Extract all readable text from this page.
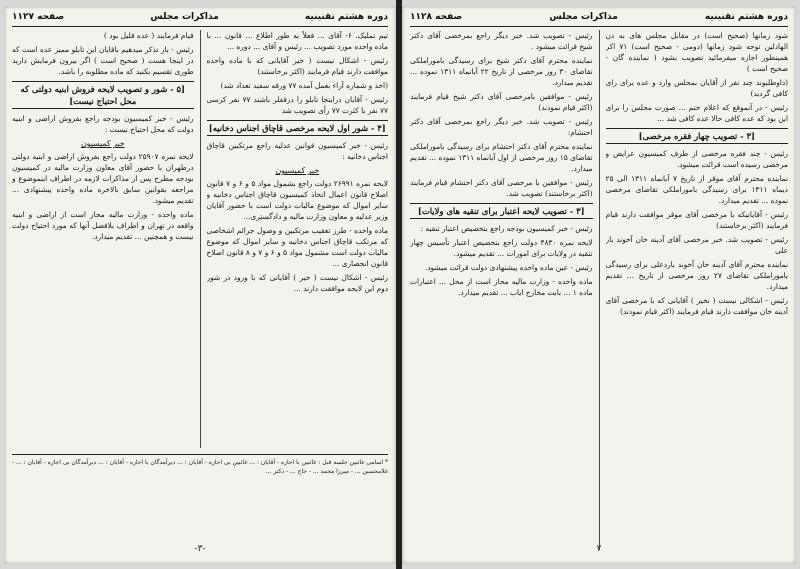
دوره هشتم تقنینیه
مذاکرات مجلس
صفحه ۱۱۲۷

تیم تملیک. ۶- آقای ... فعلاً به طور اطلاع ... قانون ... با ماده واحده مورد تصویب ... رئیس و آقای ... دوره ...

رئیس - اشکال نیست ( خیر آقایانی که با ماده واحده موافقت دارند قیام فرمایند (اکثر برخاستند)

(اخذ و شماره آراء بعمل آمده ۷۷ ورقه سفید تعداد شد)

رئیس - آقایان دراینجا تابلو را درقفلر باشند ۷۷ نفر کرسی ۷۷ نفر با کثرت ۷۷ رأی تصویب شد

[۴ - شور اول لایحه مرخصی قاچاق اجناس دخانیه]

رئیس - خبر کمیسیون قوانین عدلیه راجع مرتکبین قاچاق اجناس دخانیه :

خبر کمیسیون

لایحه نمره ۲۶۹۹۱ دولت راجع بشمول مواد ۵ و ۶ و ۷ قانون اصلاح قانون اعمال اتخاذ کمیسیون قاچاق اجناس دخانیه و سایر اموال که موضوع مالیات دولت است با حضور آقایان وزیر عدلیه و معاون وزارت مالیه و دادگستری...

ماده واحده - طرز تعقیب مرتکبین و وصول جرائم اشخاصی که مرتکب قاچاق اجناس دخانیه و سایر اموال که موضوع مالیات دولت است مشمول مواد ۵ و ۶ و ۷ و ۸ قانون اصلاح قانون انحصاری ...

رئیس - اشکال نیست ( خیر ) آقایانی که با ورود در شور دوم این لایحه موافقت دارند ...

قیام فرمایند ( عده قلیل بود )

رئیس - باز تذکر میدهیم باقایان این تابلو ممیز عده است که در اینجا هست ( صحیح است ) اگر بیرون فرمایش دارید طوری تقسیم بکنید که ماده مطلوبه را باشد.

[۵ - شور و تصویب لایحه فروش ابنیه دولتی که محل احتیاج نیست]

رئیس - خبر کمیسیون بودجه راجع بفروش اراضی و ابنیه دولت که محل احتیاج نیست :

خبر کمیسیون

لایحه نمره ۲۵۹۰۷ دولت راجع بفروش اراضی و ابنیه دولتی درطهران با حضور آقای معاون وزارت مالیه در کمیسیون بودجه مطرح پس از مذاکرات لازمه در اطراف اینموضوع و مراجعه بقوانین سابق بالاخره ماده واحده پیشنهادی ... تقدیم میشود.

ماده واحده - وزارت مالیه مجاز است از اراضی و ابنیه واقعه در تهران و اطراف بلافصل آنها که مورد احتیاج دولت نیست و همچنین ... تقدیم میدارد.

* اسامی غائبین جلسه قبل : غائبین با اجازه - آقایان : ... غائبین بی اجازه - آقایان : ... دیرآمدگان با اجازه - آقایان : ... دیرآمدگان بی اجازه - آقایان : ... - غلامحسین ... - میرزا محمد ... - حاج ... - دکتر ...
-۳-
دوره هشتم تقنینیه
مذاکرات مجلس
صفحه ۱۱۲۸

شود زمانها (صحیح است) در مقابل مجلس های به دن الهادلین توجه شود زمانها (دومی - صحیح است) ۷۱ اکر همینطور اجازه میفرمائید تصویب بشود ( نماینده گان - صحیح است )

(داوطلبوند چند نفر از آقایان بمجلس وارد و عده برای رای کافی گردید)

رئیس - در آنموقع که اعلام ختم ... صورت مجلس را برای این بود که عده کافی حالا عده کافی شد ...

[۳ - تصویب چهار فقره مرخصی]

رئیس - چند فقره مرخصی از طرف کمیسیون عرایض و مرخصی رسیده است قرائت میشود.

نماینده محترم آقای موقر از تاریخ ۷ آبانماه ۱۳۱۱ الی ۲۵ دیماه ۱۳۱۱ برای رسیدگی باموراملکی تقاضای مرخصی نموده ... تقدیم میدارد.

رئیس - آقایانیکه با مرخصی آقای موقر موافقت دارند قیام فرمایند (اکثر برخاستند)

رئیس - تصویب شد. خبر مرخصی آقای آدینه خان آخوند بار علی

نماینده محترم آقای آدینه خان آخوند باردعلی برای رسیدگی باموراملکی تقاضای ۲۷ روز مرخصی از تاریخ ... تقدیم میدارد.

رئیس - اشکالی نیست ( نخیر ) آقایانی که با مرخصی آقای آدینه خان موافقت دارند قیام فرمایند (اکثر قیام نمودند)

رئیس - تصویب شد. خبر دیگر راجع بمرخصی آقای دکتر شیخ قرائت میشود .

نماینده محترم آقای دکتر شیخ برای رسیدگی باموراملکی تقاضای ۳۰ روز مرخصی از تاریخ ۲۲ آبانماه ۱۳۱۱ نموده ... تقدیم میدارد.

رئیس - موافقین بامرخصی آقای دکتر شیخ قیام فرمایند (اکثر قیام نمودند)

رئیس - تصویب شد. خبر دیگر راجع بمرخصی آقای دکتر احتشام:

نماینده محترم آقای دکتر احتشام برای رسیدگی باموراملکی تقاضای ۱۵ روز مرخصی از اول آبانماه ۱۳۱۱ نموده ... تقدیم میدارد.

رئیس - موافقین با مرخصی آقای دکتر احتشام قیام فرمایند (اکثر برخاستند) تصویب شد.

[۳ - تصویب لایحه اعتبار برای تنقیه های ولایات]

رئیس - خبر کمیسیون بودجه راجع بتخصیص اعتبار تنقیه :

لایحه نمره ۴۸۳۰ دولت راجع بتخصیص اعتبار تأسیس چهار تنقیه در ولایات برای امورات ... تقدیم میشود.

رئیس - عین ماده واحده پیشنهادی دولت قرائت میشود.

ماده واحده - وزارت مالیه مجاز است از محل ... اعتبارات ماده ۱ ... بابت مخارج ایاب ... تقدیم میدارد.

۲
